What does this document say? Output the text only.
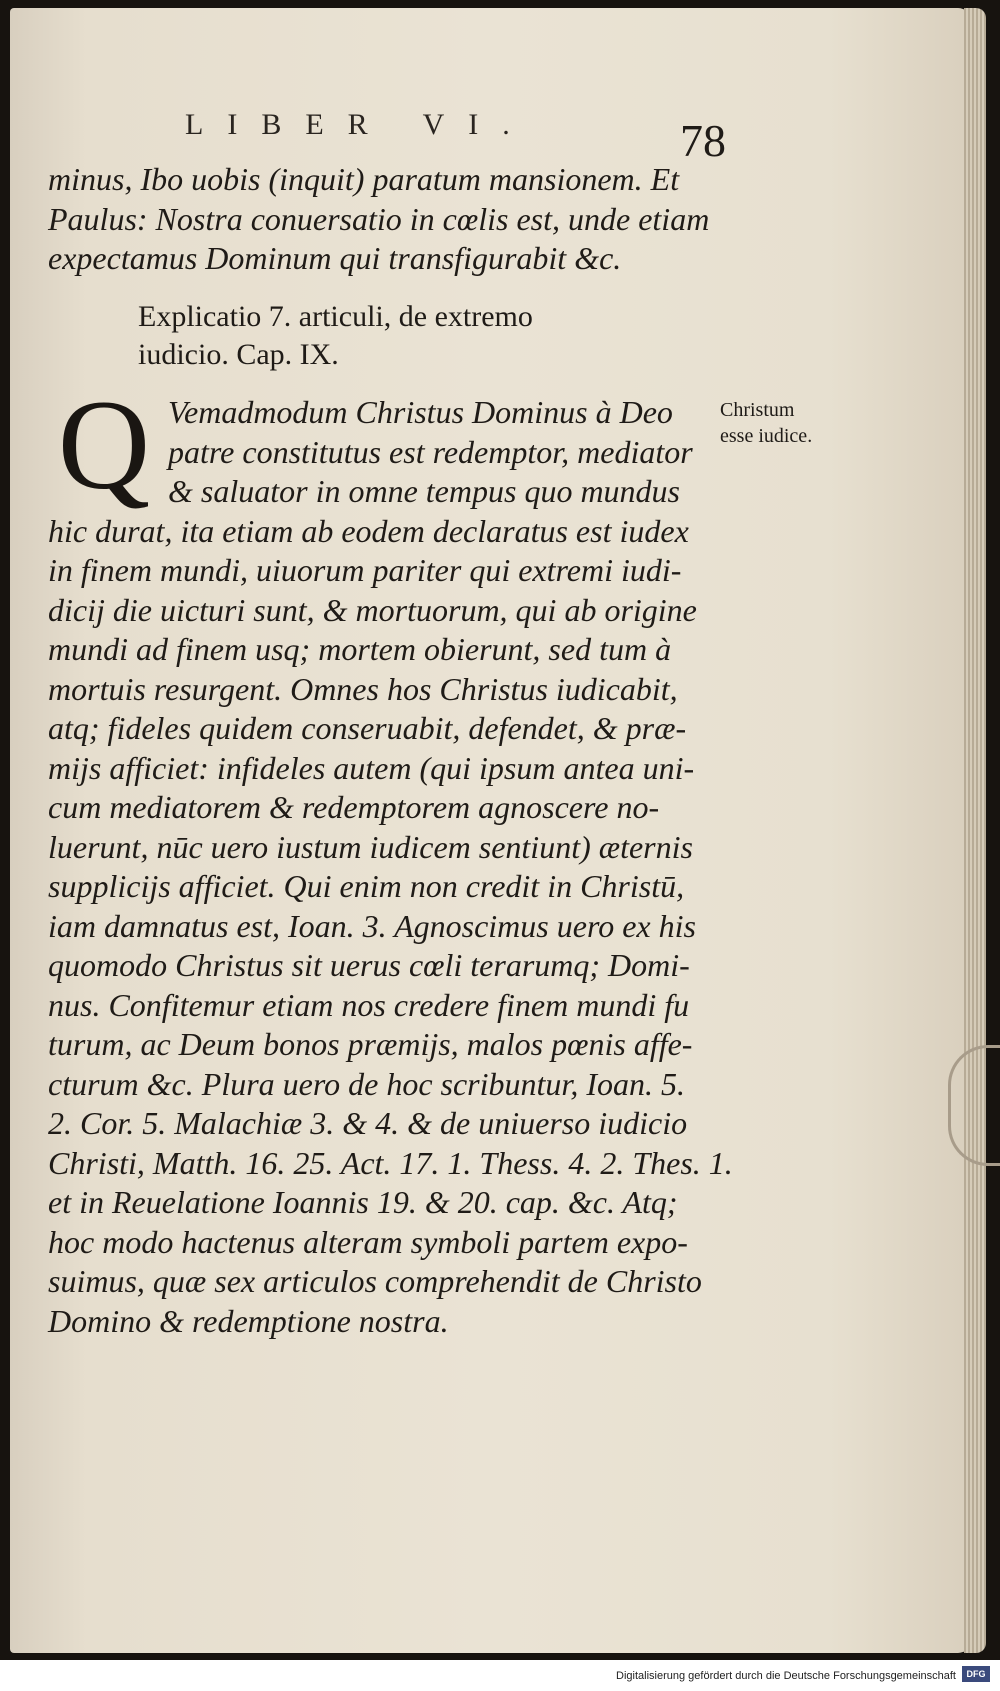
LIBER VI.	78
minus, Ibo uobis (inquit) paratum mansionem. Et
Paulus: Nostra conuersatio in cœlis est, unde etiam
expectamus Dominum qui transfigurabit &c.
Explicatio 7. articuli, de extremo
iudicio. Cap. IX.
Q	Christum
esse iudice.
Vemadmodum Christus Dominus à Deo
patre constitutus est redemptor, mediator
& saluator in omne tempus quo mundus
hic durat, ita etiam ab eodem declaratus est iudex
in finem mundi, uiuorum pariter qui extremi iudi-
dicij die uicturi sunt, & mortuorum, qui ab origine
mundi ad finem usq; mortem obierunt, sed tum à
mortuis resurgent. Omnes hos Christus iudicabit,
atq; fideles quidem conseruabit, defendet, & præ-
mijs afficiet: infideles autem (qui ipsum antea uni-
cum mediatorem & redemptorem agnoscere no-
luerunt, nūc uero iustum iudicem sentiunt) æternis
supplicijs afficiet. Qui enim non credit in Christū,
iam damnatus est, Ioan. 3. Agnoscimus uero ex his
quomodo Christus sit uerus cœli terarumq; Domi-
nus. Confitemur etiam nos credere finem mundi fu
turum, ac Deum bonos præmijs, malos pœnis affe-
cturum &c. Plura uero de hoc scribuntur, Ioan. 5.
2. Cor. 5. Malachiæ 3. & 4. & de uniuerso iudicio
Christi, Matth. 16. 25. Act. 17. 1. Thess. 4. 2. Thes. 1.
et in Reuelatione Ioannis 19. & 20. cap. &c. Atq;
hoc modo hactenus alteram symboli partem expo-
suimus, quæ sex articulos comprehendit de Christo
Domino & redemptione nostra.
Digitalisierung gefördert durch die Deutsche Forschungsgemeinschaft	DFG
